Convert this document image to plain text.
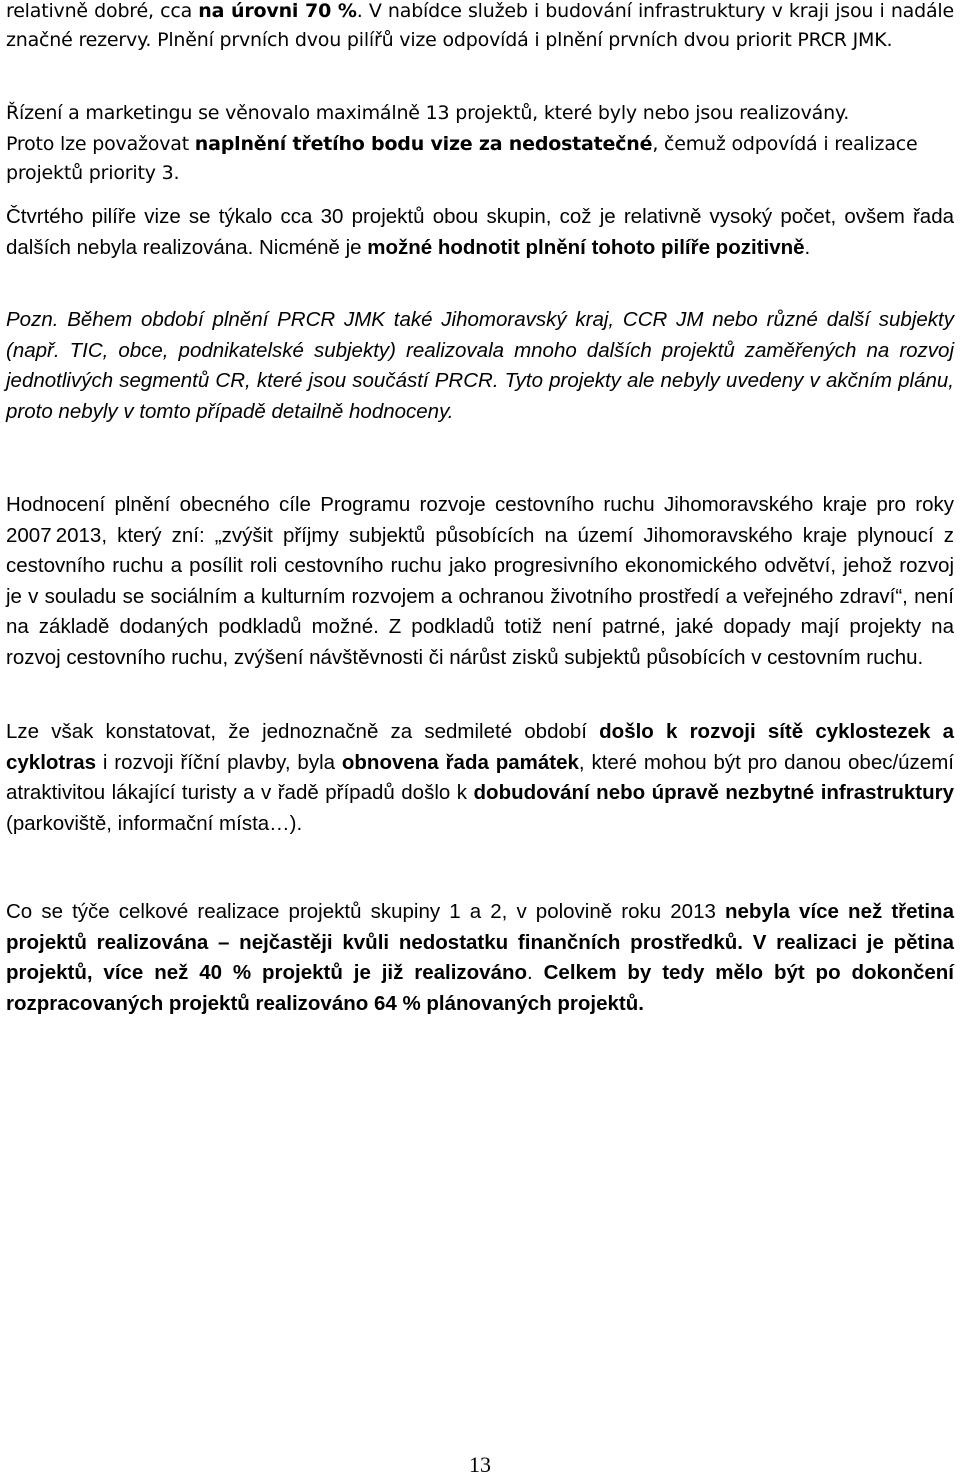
relativně dobré, cca na úrovni 70 %. V nabídce služeb i budování infrastruktury v kraji jsou i nadále značné rezervy. Plnění prvních dvou pilířů vize odpovídá i plnění prvních dvou priorit PRCR JMK.

Řízení a marketingu se věnovalo maximálně 13 projektů, které byly nebo jsou realizovány.

Proto lze považovat naplnění třetího bodu vize za nedostatečné, čemuž odpovídá i realizace projektů priority 3.

Čtvrtého pilíře vize se týkalo cca 30 projektů obou skupin, což je relativně vysoký počet, ovšem řada dalších nebyla realizována. Nicméně je možné hodnotit plnění tohoto pilíře pozitivně.

Pozn. Během období plnění PRCR JMK také Jihomoravský kraj, CCR JM nebo různé další subjekty (např. TIC, obce, podnikatelské subjekty) realizovala mnoho dalších projektů zaměřených na rozvoj jednotlivých segmentů CR, které jsou součástí PRCR. Tyto projekty ale nebyly uvedeny v akčním plánu, proto nebyly v tomto případě detailně hodnoceny.

Hodnocení plnění obecného cíle Programu rozvoje cestovního ruchu Jihomoravského kraje pro roky 2007 2013, který zní: „zvýšit příjmy subjektů působících na území Jihomoravského kraje plynoucí z cestovního ruchu a posílit roli cestovního ruchu jako progresivního ekonomického odvětví, jehož rozvoj je v souladu se sociálním a kulturním rozvojem a ochranou životního prostředí a veřejného zdraví“, není na základě dodaných podkladů možné. Z podkladů totiž není patrné, jaké dopady mají projekty na rozvoj cestovního ruchu, zvýšení návštěvnosti či nárůst zisků subjektů působících v cestovním ruchu.

Lze však konstatovat, že jednoznačně za sedmileté období došlo k rozvoji sítě cyklostezek a cyklotras i rozvoji říční plavby, byla obnovena řada památek, které mohou být pro danou obec/území atraktivitou lákající turisty a v řadě případů došlo k dobudování nebo úpravě nezbytné infrastruktury (parkoviště, informační místa…).

Co se týče celkové realizace projektů skupiny 1 a 2, v polovině roku 2013 nebyla více než třetina projektů realizována – nejčastěji kvůli nedostatku finančních prostředků. V realizaci je pětina projektů, více než 40 % projektů je již realizováno. Celkem by tedy mělo být po dokončení rozpracovaných projektů realizováno 64 % plánovaných projektů.

13
